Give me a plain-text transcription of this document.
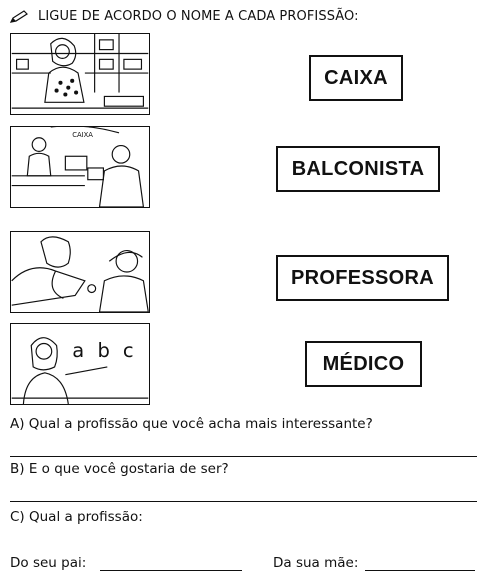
LIGUE DE ACORDO O NOME A CADA PROFISSÃO:
CAIXA
a b c
CAIXA
BALCONISTA
PROFESSORA
MÉDICO
A) Qual a profissão que você acha mais interessante?
B) E o que você gostaria de ser?
C) Qual a profissão:
Do seu pai:	Da sua mãe:
